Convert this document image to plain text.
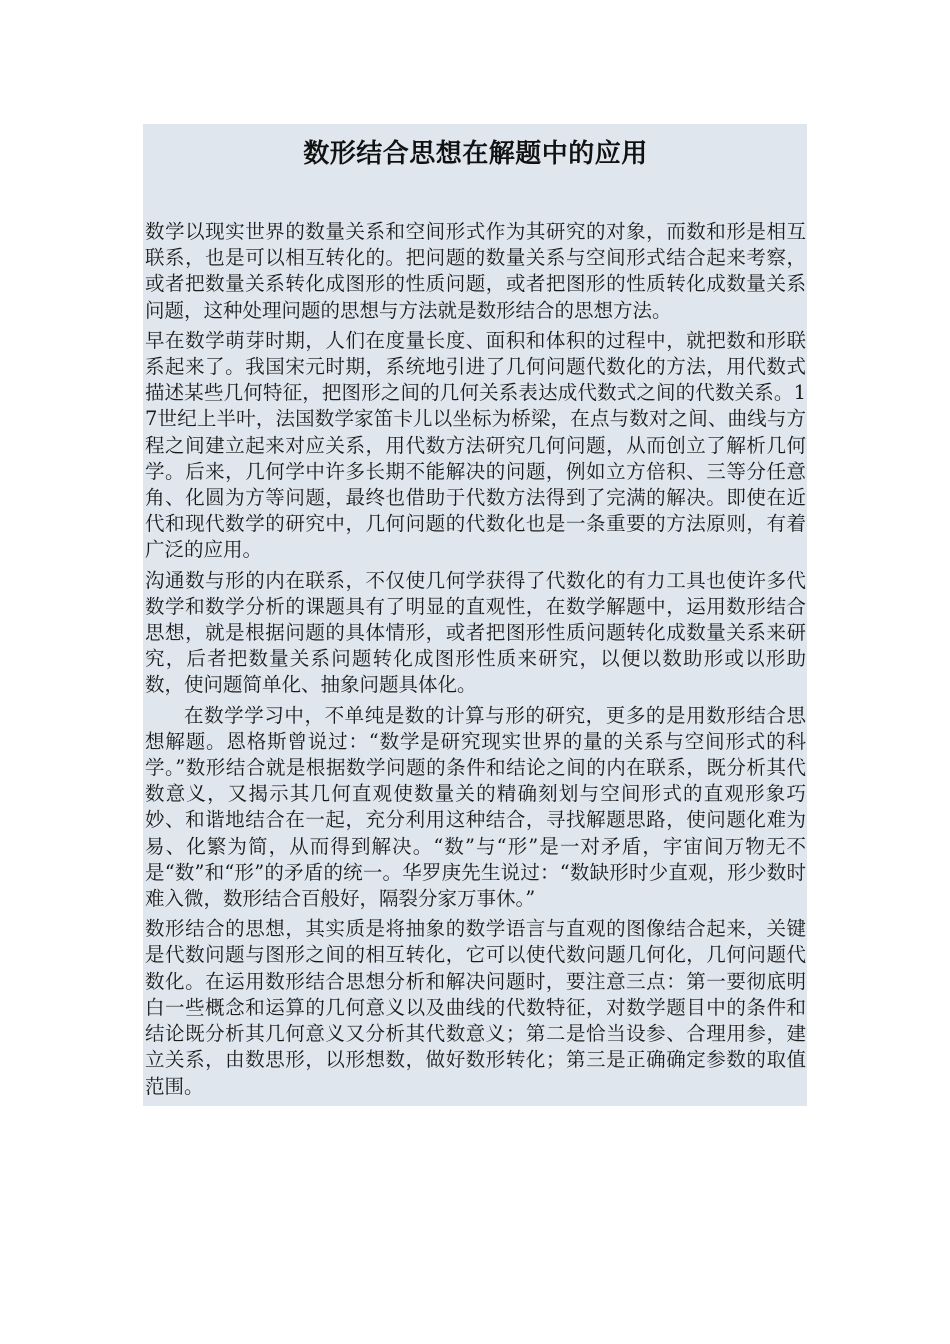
数形结合思想在解题中的应用

数学以现实世界的数量关系和空间形式作为其研究的对象，而数和形是相互联系，也是可以相互转化的。把问题的数量关系与空间形式结合起来考察，或者把数量关系转化成图形的性质问题，或者把图形的性质转化成数量关系问题，这种处理问题的思想与方法就是数形结合的思想方法。

早在数学萌芽时期，人们在度量长度、面积和体积的过程中，就把数和形联系起来了。我国宋元时期，系统地引进了几何问题代数化的方法，用代数式描述某些几何特征，把图形之间的几何关系表达成代数式之间的代数关系。17世纪上半叶，法国数学家笛卡儿以坐标为桥梁，在点与数对之间、曲线与方程之间建立起来对应关系，用代数方法研究几何问题，从而创立了解析几何学。后来，几何学中许多长期不能解决的问题，例如立方倍积、三等分任意角、化圆为方等问题，最终也借助于代数方法得到了完满的解决。即使在近代和现代数学的研究中，几何问题的代数化也是一条重要的方法原则，有着广泛的应用。

沟通数与形的内在联系，不仅使几何学获得了代数化的有力工具也使许多代数学和数学分析的课题具有了明显的直观性，在数学解题中，运用数形结合思想，就是根据问题的具体情形，或者把图形性质问题转化成数量关系来研究，后者把数量关系问题转化成图形性质来研究，以便以数助形或以形助数，使问题简单化、抽象问题具体化。

在数学学习中，不单纯是数的计算与形的研究，更多的是用数形结合思想解题。恩格斯曾说过：“数学是研究现实世界的量的关系与空间形式的科学。”数形结合就是根据数学问题的条件和结论之间的内在联系，既分析其代数意义，又揭示其几何直观使数量关的精确刻划与空间形式的直观形象巧妙、和谐地结合在一起，充分利用这种结合，寻找解题思路，使问题化难为易、化繁为简，从而得到解决。“数”与“形”是一对矛盾，宇宙间万物无不是“数”和“形”的矛盾的统一。华罗庚先生说过：“数缺形时少直观，形少数时难入微，数形结合百般好，隔裂分家万事休。”

数形结合的思想，其实质是将抽象的数学语言与直观的图像结合起来，关键是代数问题与图形之间的相互转化，它可以使代数问题几何化，几何问题代数化。在运用数形结合思想分析和解决问题时，要注意三点：第一要彻底明白一些概念和运算的几何意义以及曲线的代数特征，对数学题目中的条件和结论既分析其几何意义又分析其代数意义；第二是恰当设参、合理用参，建立关系，由数思形，以形想数，做好数形转化；第三是正确确定参数的取值范围。
